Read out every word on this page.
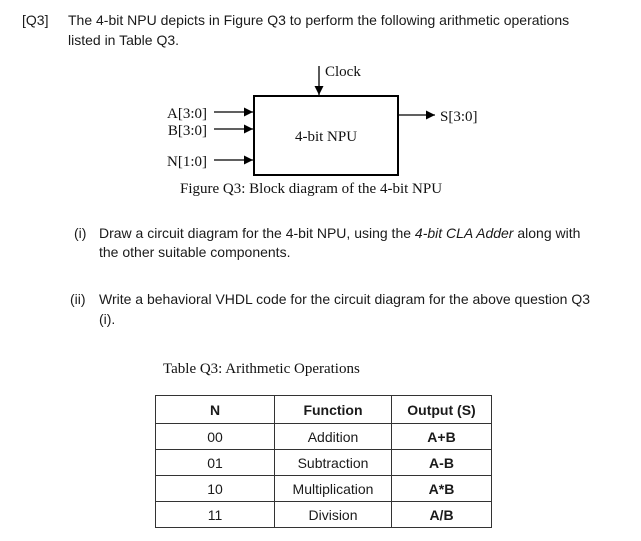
[Q3] The 4-bit NPU depicts in Figure Q3 to perform the following arithmetic operations
listed in Table Q3.
Clock
A[3:0]
B[3:0]
N[1:0]
4-bit NPU
S[3:0]
Figure Q3: Block diagram of the 4-bit NPU
(i) Draw a circuit diagram for the 4-bit NPU, using the 4-bit CLA Adder along with
the other suitable components.
(ii) Write a behavioral VHDL code for the circuit diagram for the above question Q3
(i).
Table Q3: Arithmetic Operations
N	Function	Output (S)
00	Addition	A+B
01	Subtraction	A-B
10	Multiplication	A*B
11	Division	A/B
